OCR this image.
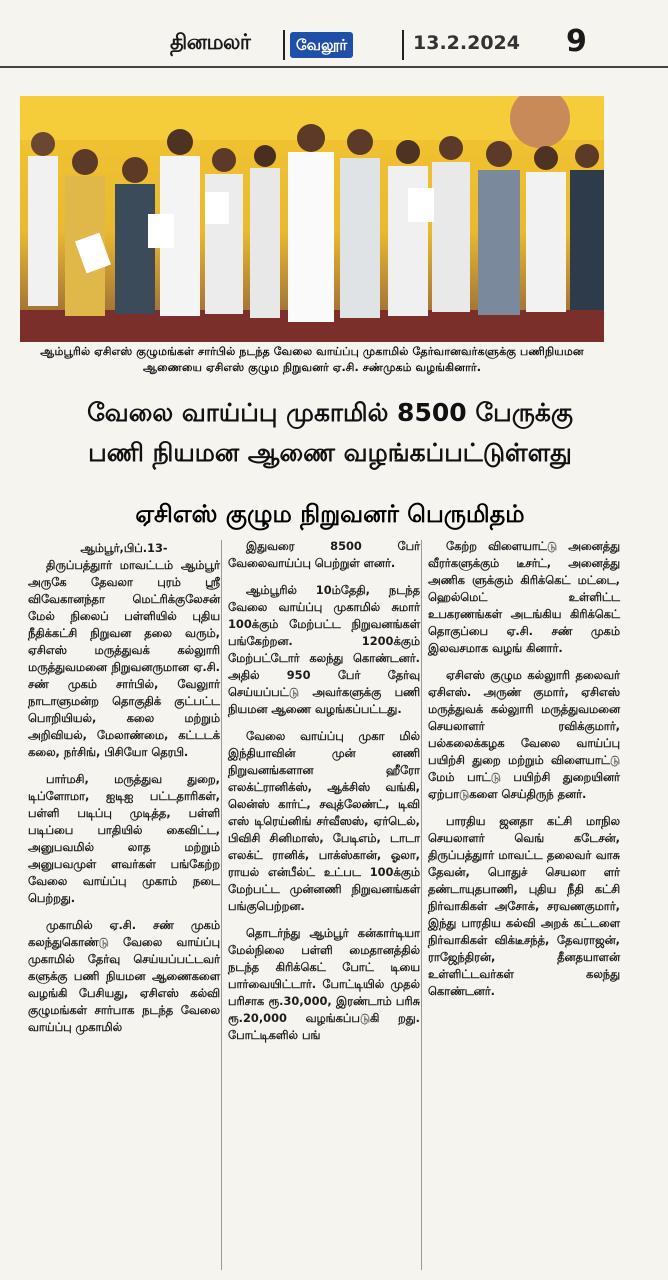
தினமலர்	வேலூர்	13.2.2024 9
ஆம்பூரில் ஏசிஎஸ் குழுமங்கள் சார்பில் நடந்த வேலை வாய்ப்பு முகாமில் தேர்வானவர்களுக்கு பணிநியமன ஆணையை ஏசிஎஸ் குழும நிறுவனர் ஏ.சி. சண்முகம் வழங்கினார்.
வேலை வாய்ப்பு முகாமில் 8500 பேருக்கு
பணி நியமன ஆணை வழங்கப்பட்டுள்ளது
ஏசிஎஸ் குழும நிறுவனர் பெருமிதம்

ஆம்பூர்,பிப்.13-

திருப்பத்துார் மாவட்டம் ஆம்பூர் அருகே தேவலா புரம் ஸ்ரீ விவேகானந்தா மெட்ரிக்குலேசன் மேல் நிலைப் பள்ளியில் புதிய நீதிக்கட்சி நிறுவன தலை வரும், ஏசிஎஸ் மருத்துவக் கல்லுாரி மருத்துவமனை நிறுவனருமான ஏ.சி. சண் முகம் சார்பில், வேலுார் நாடாளுமன்ற தொகுதிக் குட்பட்ட பொறியியல், கலை மற்றும் அறிவியல், மேலாண்மை, கட்டடக் கலை, நர்சிங், பிசியோ தெரபி.

பார்மசி, மருத்துவ துறை, டிப்ளோமா, ஐடிஐ பட்டதாரிகள், பள்ளி படிப்பு முடித்த, பள்ளி படிப்பை பாதியில் கைவிட்ட, அனுபவமில் லாத மற்றும் அனுபவமுள் ளவர்கள் பங்கேற்ற வேலை வாய்ப்பு முகாம் நடை பெற்றது.

முகாமில் ஏ.சி. சண் முகம் கலந்துகொண்டு வேலை வாய்ப்பு முகாமில் தேர்வு செய்யப்பட்டவர் களுக்கு பணி நியமன ஆணைகளை வழங்கி பேசியது, ஏசிஎஸ் கல்வி குழுமங்கள் சார்பாக நடந்த வேலை வாய்ப்பு முகாமில்

இதுவரை 8500 பேர் வேலைவாய்ப்பு பெற்றுள் ளனர்.

ஆம்பூரில் 10ம்தேதி, நடந்த வேலை வாய்ப்பு முகாமில் சுமார் 100க்கும் மேற்பட்ட நிறுவனங்கள் பங்கேற்றன. 1200க்கும் மேற்பட்டோர் கலந்து கொண்டனர். அதில் 950 பேர் தேர்வு செய்யப்பட்டு அவர்களுக்கு பணி நியமன ஆணை வழங்கப்பட்டது.

வேலை வாய்ப்பு முகா மில் இந்தியாவின் முன் னணி நிறுவனங்களான ஹீரோ எலக்ட்ரானிக்ஸ், ஆக்சிஸ் வங்கி, லென்ஸ் கார்ட், சவுத்லேண்ட், டிவி எஸ் டிரெய்னிங் சர்வீஸஸ், ஏர்டெல், பிவிசி சினிமாஸ், பேடிஎம், டாடா எலக்ட் ரானிக், பாக்ஸ்கான், ஓலா, ராயல் என்பீல்ட் உட்பட 100க்கும் மேற்பட்ட முன்னணி நிறுவனங்கள் பங்குபெற்றன.

தொடர்ந்து ஆம்பூர் கன்கார்டியா மேல்நிலை பள்ளி மைதானத்தில் நடந்த கிரிக்கெட் போட் டியை பார்வையிட்டார். போட்டியில் முதல் பரிசாக ரூ.30,000, இரண்டாம் பரிசு ரூ.20,000 வழங்கப்படுகி றது. போட்டிகளில் பங்

கேற்ற விளையாட்டு அனைத்து வீரர்களுக்கும் டீசர்ட், அனைத்து அணிக ளுக்கும் கிரிக்கெட் மட்டை, ஹெல்மெட் உள்ளிட்ட உபகரணங்கள் அடங்கிய கிரிக்கெட் தொகுப்பை ஏ.சி. சண் முகம் இலவசமாக வழங் கினார்.

ஏசிஎஸ் குழும கல்லுாரி தலைவர் ஏசிஎஸ். அருண் குமார், ஏசிஎஸ் மருத்துவக் கல்லுாரி மருத்துவமனை செயலாளர் ரவிக்குமார், பல்கலைக்கழக வேலை வாய்ப்பு பயிற்சி துறை மற்றும் விளையாட்டு மேம் பாட்டு பயிற்சி துறையினர் ஏற்பாடுகளை செய்திருந் தனர்.

பாரதிய ஜனதா கட்சி மாநில செயலாளர் வெங் கடேசன், திருப்பத்துார் மாவட்ட தலைவர் வாசு தேவன், பொதுச் செயலா ளர் தண்டாயுதபாணி, புதிய நீதி கட்சி நிர்வாகிகள் அசோக், சரவணகுமார், இந்து பாரதிய கல்வி அறக் கட்டளை நிர்வாகிகள் விக்டீசந்த், தேவராஜன், ராஜேந்திரன், தீனதயாளன் உள்ளிட்டவர்கள் கலந்து கொண்டனர்.
